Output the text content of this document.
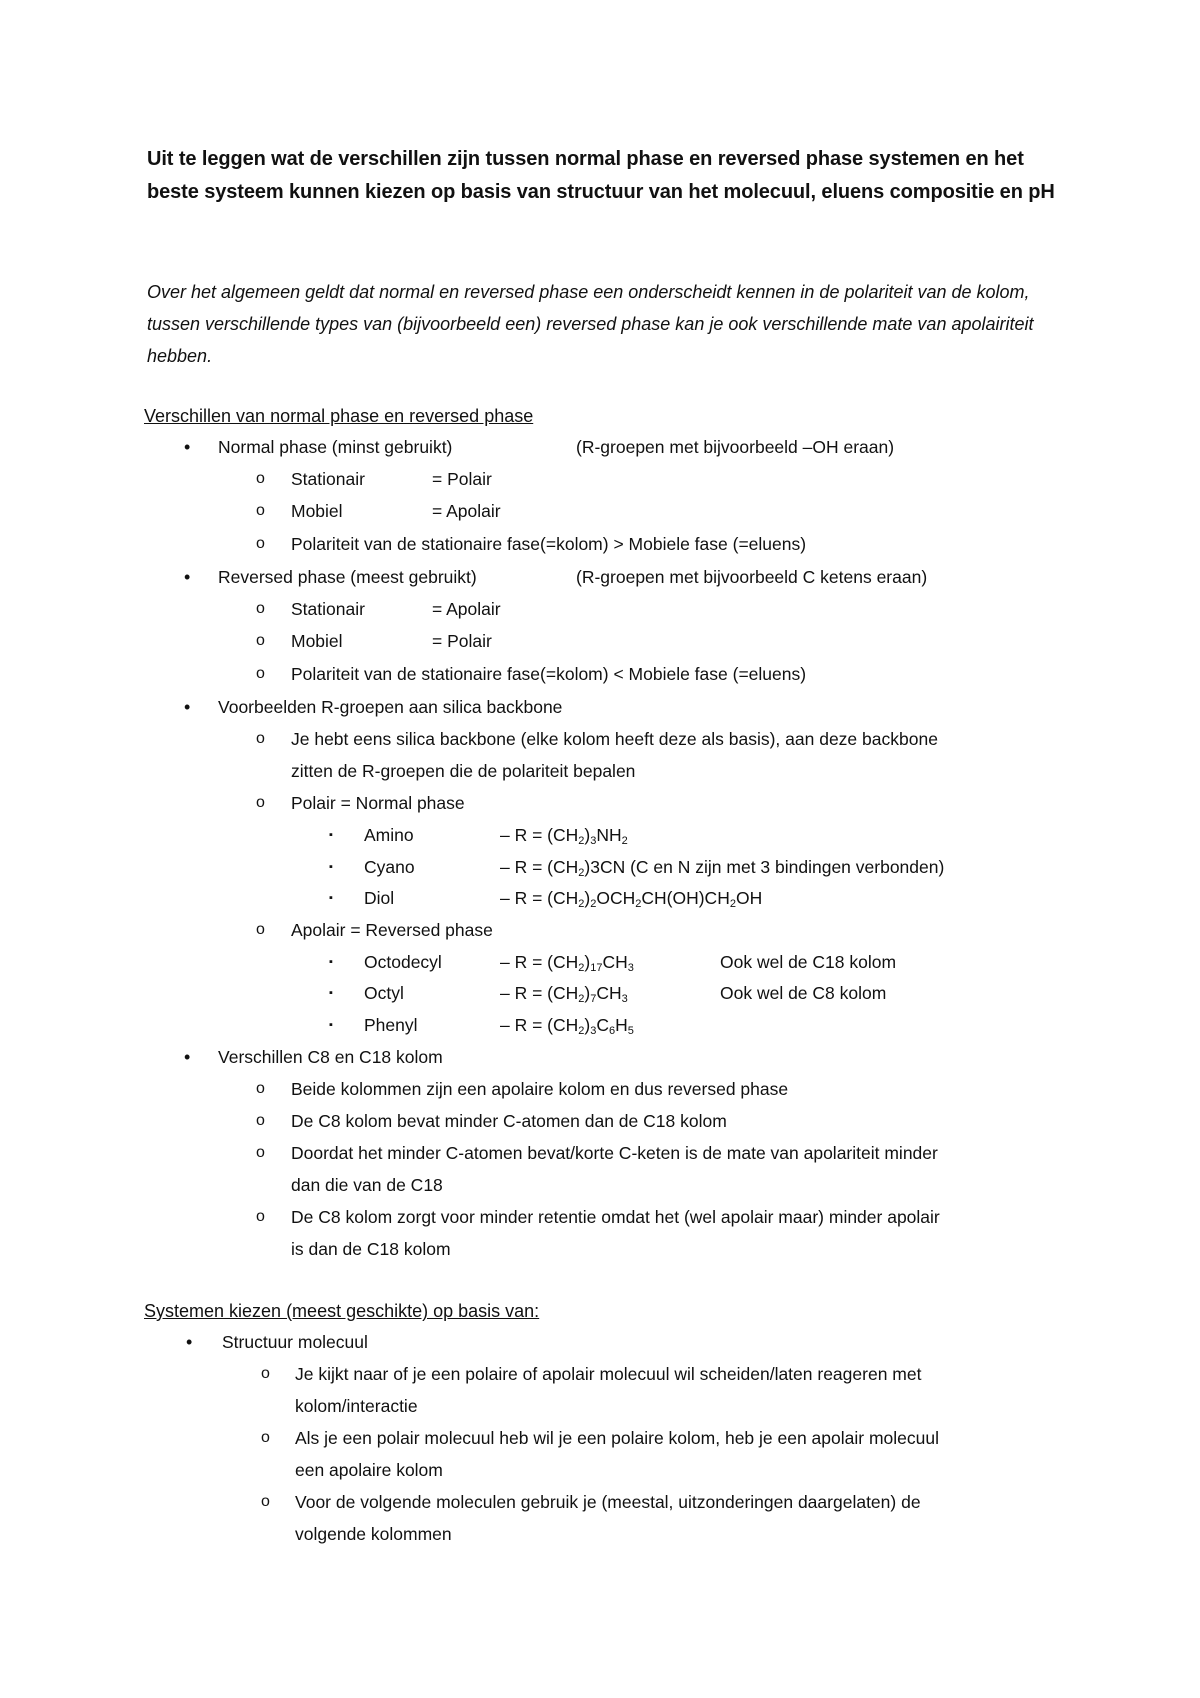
Uit te leggen wat de verschillen zijn tussen normal phase en reversed phase systemen en het beste systeem kunnen kiezen op basis van structuur van het molecuul, eluens compositie en pH
Over het algemeen geldt dat normal en reversed phase een onderscheidt kennen in de polariteit van de kolom, tussen verschillende types van (bijvoorbeeld een) reversed phase kan je ook verschillende mate van apolairiteit hebben.
Verschillen van normal phase en reversed phase
• Normal phase (minst gebruikt)	(R-groepen met bijvoorbeeld –OH eraan)
o Stationair	= Polair
o Mobiel	= Apolair
o Polariteit van de stationaire fase(=kolom) > Mobiele fase (=eluens)
• Reversed phase (meest gebruikt)	(R-groepen met bijvoorbeeld C ketens eraan)
o Stationair	= Apolair
o Mobiel	= Polair
o Polariteit van de stationaire fase(=kolom) < Mobiele fase (=eluens)
• Voorbeelden R-groepen aan silica backbone
o Je hebt eens silica backbone (elke kolom heeft deze als basis), aan deze backbone
zitten de R-groepen die de polariteit bepalen
o Polair = Normal phase
▪ Amino	– $R = (CH_2)_3NH_2$
▪ Cyano	– $R = (CH_2)3CN$ (C en N zijn met 3 bindingen verbonden)
▪ Diol	– $R = (CH_2)_2OCH_2CH(OH)CH_2OH$
o Apolair = Reversed phase
▪ Octodecyl	– $R = (CH_2)_{17}CH_3$	Ook wel de C18 kolom
▪ Octyl	– $R = (CH_2)_7CH_3$	Ook wel de C8 kolom
▪ Phenyl	– $R = (CH_2)_3C_6H_5$
• Verschillen C8 en C18 kolom
o Beide kolommen zijn een apolaire kolom en dus reversed phase
o De C8 kolom bevat minder C-atomen dan de C18 kolom
o Doordat het minder C-atomen bevat/korte C-keten is de mate van apolariteit minder
dan die van de C18
o De C8 kolom zorgt voor minder retentie omdat het (wel apolair maar) minder apolair
is dan de C18 kolom
Systemen kiezen (meest geschikte) op basis van:
• Structuur molecuul
o Je kijkt naar of je een polaire of apolair molecuul wil scheiden/laten reageren met
kolom/interactie
o Als je een polair molecuul heb wil je een polaire kolom, heb je een apolair molecuul
een apolaire kolom
o Voor de volgende moleculen gebruik je (meestal, uitzonderingen daargelaten) de
volgende kolommen
